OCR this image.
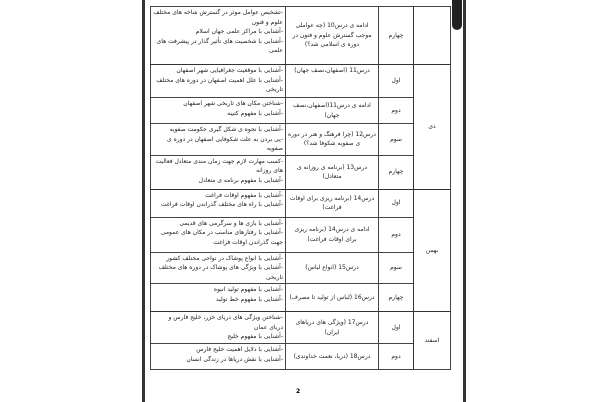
	چهارم	ادامه ی درس10 (چه عواملی موجب گسترش علوم و فنون در دوره ی اسلامی شد؟)	-تشخیص عوامل موثر در گسترش شاخه های مختلف علوم و فنون
-آشنایی با مراکز علمی جهان اسلام
-آشنایی با شخصیت های تأثیر گذار در پیشرفت های علمی

دی	اول	درس11 (اصفهان،نصف جهان)	-آشنایی با موقعیت جغرافیایی شهر اصفهان
-آشنایی با علل اهمیت اصفهان در دوره های مختلف تاریخی

	دوم	ادامه ی درس11(اصفهان،نصف جهان)	-شناختن مکان های تاریخی شهر اصفهان
-آشنایی با مفهوم کتیبه

	سوم	درس12 (چرا فرهنگ و هنر در دوره ی صفویه شکوفا شد؟)	-آشنایی با نحوه ی شکل گیری حکومت صفویه
-پی بردن به علت شکوفایی اصفهان در دوره ی صفویه

	چهارم	درس13 (برنامه ی روزانه ی متعادل)	-کسب مهارت لازم جهت زمان مندی متعادل فعالیت های روزانه
-آشنایی با مفهوم برنامه ی متعادل

بهمن	اول	درس14 (برنامه ریزی برای اوقات فراغت)	-آشنایی با مفهوم اوقات فراغت
-آشنایی با راه های مختلف گذراندن اوقات فراغت

	دوم	ادامه ی درس14 (برنامه ریزی برای اوقات فراغت)	-آشنایی با بازی ها و سرگرمی های قدیمی
-آشنایی با رفتارهای مناسب در مکان های عمومی جهت گذراندن اوقات فراغت

	سوم	درس15 (انواع لباس)	-آشنایی با انواع پوشاک در نواحی مختلف کشور
-آشنایی با ویژگی های پوشاک در دوره های مختلف تاریخی

	چهارم	درس16 (لباس از تولید تا مصرف)	-آشنایی با مفهوم تولید انبوه
-آشنایی با مفهوم خط تولید

اسفند	اول	درس17 (ویژگی های دریاهای ایران)	-شناختن ویژگی های دریای خزر، خلیج فارس و دریای عمان
-آشنایی با مفهوم خلیج

	دوم	درس18 (دریا، نعمت خداوندی)	-آشنایی با دلایل اهمیت خلیج فارس
-آشنایی با نقش دریاها در زندگی انسان
2
